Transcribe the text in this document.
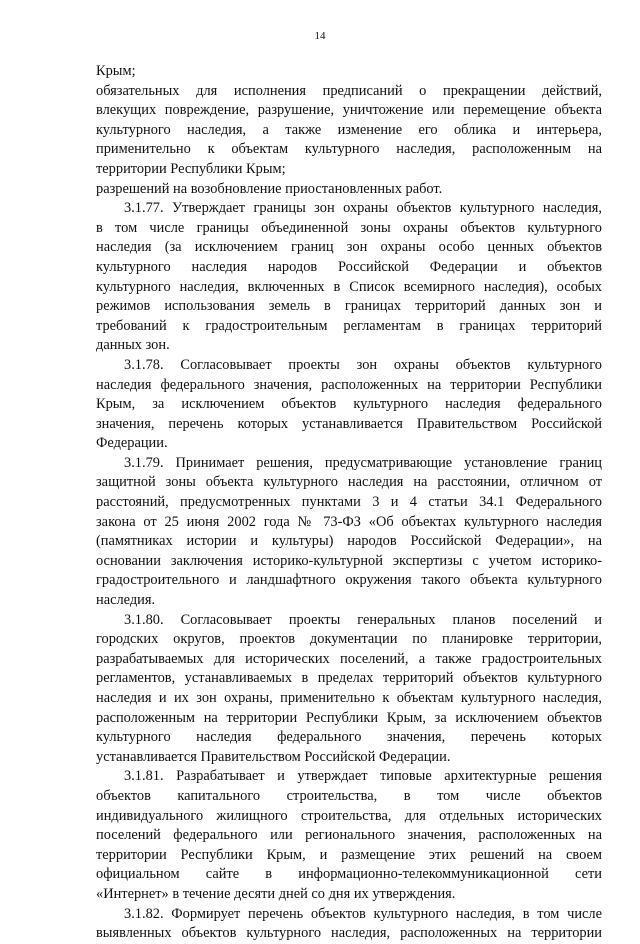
14
Крым;
обязательных для исполнения предписаний о прекращении действий,
влекущих повреждение, разрушение, уничтожение или перемещение объекта
культурного наследия, а также изменение его облика и интерьера,
применительно к объектам культурного наследия, расположенным на
территории Республики Крым;
разрешений на возобновление приостановленных работ.
3.1.77. Утверждает границы зон охраны объектов культурного наследия,
в том числе границы объединенной зоны охраны объектов культурного
наследия (за исключением границ зон охраны особо ценных объектов
культурного наследия народов Российской Федерации и объектов
культурного наследия, включенных в Список всемирного наследия), особых
режимов использования земель в границах территорий данных зон и
требований к градостроительным регламентам в границах территорий
данных зон.
3.1.78. Согласовывает проекты зон охраны объектов культурного
наследия федерального значения, расположенных на территории Республики
Крым, за исключением объектов культурного наследия федерального
значения, перечень которых устанавливается Правительством Российской
Федерации.
3.1.79. Принимает решения, предусматривающие установление границ
защитной зоны объекта культурного наследия на расстоянии, отличном от
расстояний, предусмотренных пунктами 3 и 4 статьи 34.1 Федерального
закона от 25 июня 2002 года № 73-ФЗ «Об объектах культурного наследия
(памятниках истории и культуры) народов Российской Федерации», на
основании заключения историко-культурной экспертизы с учетом историко-
градостроительного и ландшафтного окружения такого объекта культурного
наследия.
3.1.80. Согласовывает проекты генеральных планов поселений и
городских округов, проектов документации по планировке территории,
разрабатываемых для исторических поселений, а также градостроительных
регламентов, устанавливаемых в пределах территорий объектов культурного
наследия и их зон охраны, применительно к объектам культурного наследия,
расположенным на территории Республики Крым, за исключением объектов
культурного наследия федерального значения, перечень которых
устанавливается Правительством Российской Федерации.
3.1.81. Разрабатывает и утверждает типовые архитектурные решения
объектов капитального строительства, в том числе объектов
индивидуального жилищного строительства, для отдельных исторических
поселений федерального или регионального значения, расположенных на
территории Республики Крым, и размещение этих решений на своем
официальном сайте в информационно-телекоммуникационной сети
«Интернет» в течение десяти дней со дня их утверждения.
3.1.82. Формирует перечень объектов культурного наследия, в том числе
выявленных объектов культурного наследия, расположенных на территории
